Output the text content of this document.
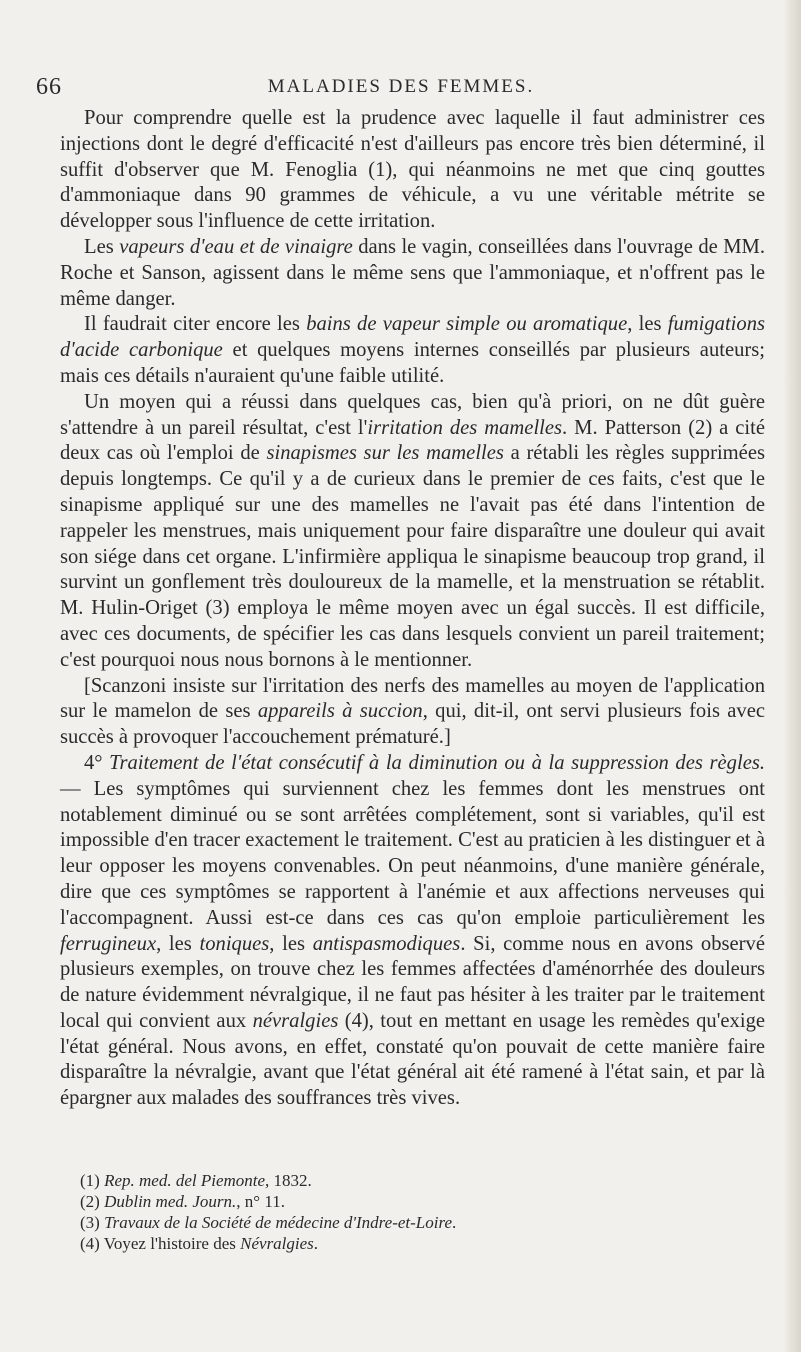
66	MALADIES DES FEMMES.

Pour comprendre quelle est la prudence avec laquelle il faut administrer ces injections dont le degré d'efficacité n'est d'ailleurs pas encore très bien déterminé, il suffit d'observer que M. Fenoglia (1), qui néanmoins ne met que cinq gouttes d'ammoniaque dans 90 grammes de véhicule, a vu une véritable métrite se développer sous l'influence de cette irritation.

Les vapeurs d'eau et de vinaigre dans le vagin, conseillées dans l'ouvrage de MM. Roche et Sanson, agissent dans le même sens que l'ammoniaque, et n'offrent pas le même danger.

Il faudrait citer encore les bains de vapeur simple ou aromatique, les fumigations d'acide carbonique et quelques moyens internes conseillés par plusieurs auteurs; mais ces détails n'auraient qu'une faible utilité.

Un moyen qui a réussi dans quelques cas, bien qu'à priori, on ne dût guère s'attendre à un pareil résultat, c'est l'irritation des mamelles. M. Patterson (2) a cité deux cas où l'emploi de sinapismes sur les mamelles a rétabli les règles supprimées depuis longtemps. Ce qu'il y a de curieux dans le premier de ces faits, c'est que le sinapisme appliqué sur une des mamelles ne l'avait pas été dans l'intention de rappeler les menstrues, mais uniquement pour faire disparaître une douleur qui avait son siége dans cet organe. L'infirmière appliqua le sinapisme beaucoup trop grand, il survint un gonflement très douloureux de la mamelle, et la menstruation se rétablit. M. Hulin-Origet (3) employa le même moyen avec un égal succès. Il est difficile, avec ces documents, de spécifier les cas dans lesquels convient un pareil traitement; c'est pourquoi nous nous bornons à le mentionner.

[Scanzoni insiste sur l'irritation des nerfs des mamelles au moyen de l'application sur le mamelon de ses appareils à succion, qui, dit-il, ont servi plusieurs fois avec succès à provoquer l'accouchement prématuré.]

4° Traitement de l'état consécutif à la diminution ou à la suppression des règles. — Les symptômes qui surviennent chez les femmes dont les menstrues ont notablement diminué ou se sont arrêtées complétement, sont si variables, qu'il est impossible d'en tracer exactement le traitement. C'est au praticien à les distinguer et à leur opposer les moyens convenables. On peut néanmoins, d'une manière générale, dire que ces symptômes se rapportent à l'anémie et aux affections nerveuses qui l'accompagnent. Aussi est-ce dans ces cas qu'on emploie particulièrement les ferrugineux, les toniques, les antispasmodiques. Si, comme nous en avons observé plusieurs exemples, on trouve chez les femmes affectées d'aménorrhée des douleurs de nature évidemment névralgique, il ne faut pas hésiter à les traiter par le traitement local qui convient aux névralgies (4), tout en mettant en usage les remèdes qu'exige l'état général. Nous avons, en effet, constaté qu'on pouvait de cette manière faire disparaître la névralgie, avant que l'état général ait été ramené à l'état sain, et par là épargner aux malades des souffrances très vives.

(1) Rep. med. del Piemonte, 1832.
(2) Dublin med. Journ., n° 11.
(3) Travaux de la Société de médecine d'Indre-et-Loire.
(4) Voyez l'histoire des Névralgies.
